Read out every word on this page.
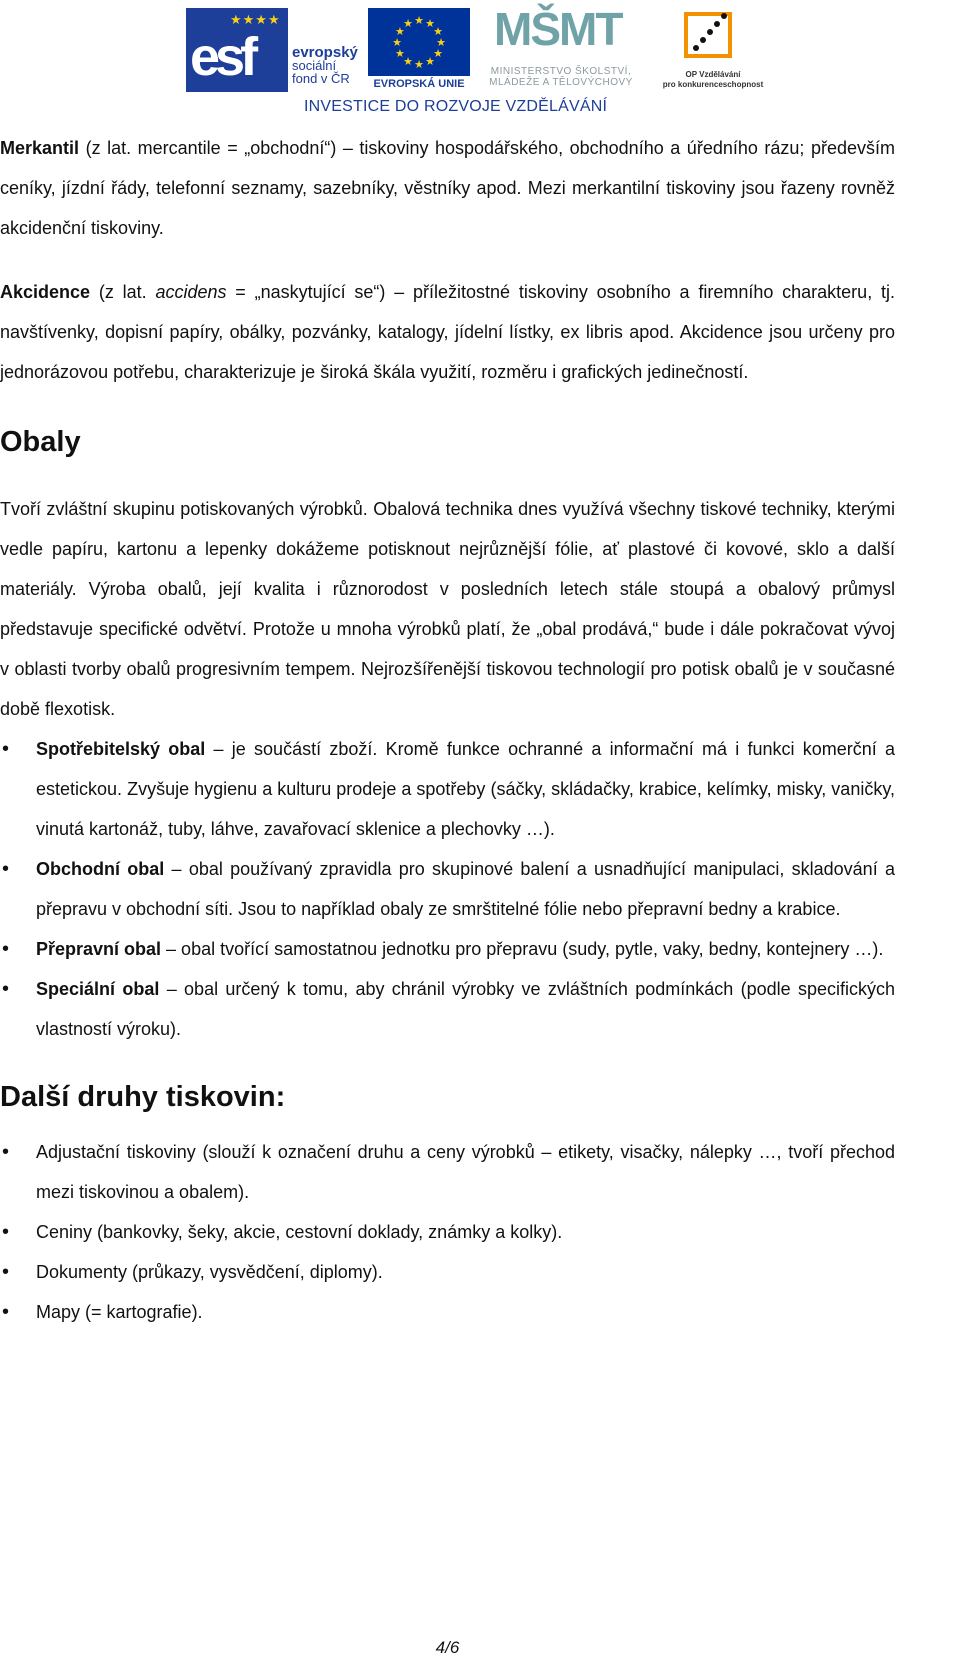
★★★★
esf	evropský
sociální
fond v ČR
★
★
★
★
★
★
★
★
★ ★ ★
★
EVROPSKÁ UNIE
MŠMT
MINISTERSTVO ŠKOLSTVÍ,
MLÁDEŽE A TĚLOVÝCHOVY
OP Vzdělávání
pro konkurenceschopnost
INVESTICE DO ROZVOJE VZDĚLÁVÁNÍ

Merkantil (z lat. mercantile = „obchodní“) – tiskoviny hospodářského, obchodního a úředního rázu; především ceníky, jízdní řády, telefonní seznamy, sazebníky, věstníky apod. Mezi merkantilní tiskoviny jsou řazeny rovněž akcidenční tiskoviny.

Akcidence (z lat. accidens = „naskytující se“) – příležitostné tiskoviny osobního a firemního charakteru, tj. navštívenky, dopisní papíry, obálky, pozvánky, katalogy, jídelní lístky, ex libris apod. Akcidence jsou určeny pro jednorázovou potřebu, charakterizuje je široká škála využití, rozměru i grafických jedinečností.

Obaly

Tvoří zvláštní skupinu potiskovaných výrobků. Obalová technika dnes využívá všechny tiskové techniky, kterými vedle papíru, kartonu a lepenky dokážeme potisknout nejrůznější fólie, ať plastové či kovové, sklo a další materiály. Výroba obalů, její kvalita i různorodost v posledních letech stále stoupá a obalový průmysl představuje specifické odvětví. Protože u mnoha výrobků platí, že „obal prodává,“ bude i dále pokračovat vývoj v oblasti tvorby obalů progresivním tempem. Nejrozšířenější tiskovou technologií pro potisk obalů je v současné době flexotisk.

• Spotřebitelský obal – je součástí zboží. Kromě funkce ochranné a informační má i funkci komerční a estetickou. Zvyšuje hygienu a kulturu prodeje a spotřeby (sáčky, skládačky, krabice, kelímky, misky, vaničky, vinutá kartonáž, tuby, láhve, zavařovací sklenice a plechovky …).
• Obchodní obal – obal používaný zpravidla pro skupinové balení a usnadňující manipulaci, skladování a přepravu v obchodní síti. Jsou to například obaly ze smrštitelné fólie nebo přepravní bedny a krabice.
• Přepravní obal – obal tvořící samostatnou jednotku pro přepravu (sudy, pytle, vaky, bedny, kontejnery …).
• Speciální obal – obal určený k tomu, aby chránil výrobky ve zvláštních podmínkách (podle specifických vlastností výroku).
Další druhy tiskovin:
• Adjustační tiskoviny (slouží k označení druhu a ceny výrobků – etikety, visačky, nálepky …, tvoří přechod mezi tiskovinou a obalem).
• Ceniny (bankovky, šeky, akcie, cestovní doklady, známky a kolky).
• Dokumenty (průkazy, vysvědčení, diplomy).
• Mapy (= kartografie).
4/6
